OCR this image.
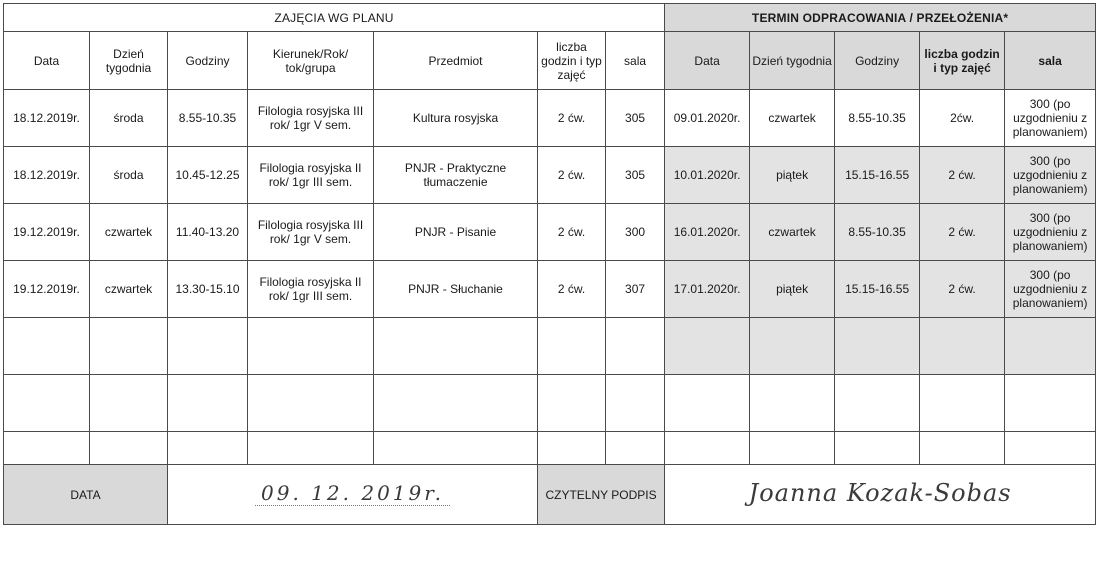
ZAJĘCIA WG PLANU							TERMIN ODPRACOWANIA / PRZEŁOŻENIA*				
Data	Dzień tygodnia	Godziny	Kierunek/Rok/ tok/grupa	Przedmiot	liczba godzin i typ zajęć	sala	Data	Dzień tygodnia	Godziny	liczba godzin i typ zajęć	sala
18.12.2019r.	środa	8.55-10.35	Filologia rosyjska III rok/ 1gr V sem.	Kultura rosyjska	2 ćw.	305	09.01.2020r.	czwartek	8.55-10.35	2ćw.	300 (po uzgodnieniu z planowaniem)
18.12.2019r.	środa	10.45-12.25	Filologia rosyjska II rok/ 1gr III sem.	PNJR - Praktyczne tłumaczenie	2 ćw.	305	10.01.2020r.	piątek	15.15-16.55	2 ćw.	300 (po uzgodnieniu z planowaniem)
19.12.2019r.	czwartek	11.40-13.20	Filologia rosyjska III rok/ 1gr V sem.	PNJR - Pisanie	2 ćw.	300	16.01.2020r.	czwartek	8.55-10.35	2 ćw.	300 (po uzgodnieniu z planowaniem)
19.12.2019r.	czwartek	13.30-15.10	Filologia rosyjska II rok/ 1gr III sem.	PNJR - Słuchanie	2 ćw.	307	17.01.2020r.	piątek	15.15-16.55	2 ćw.	300 (po uzgodnieniu z planowaniem)

DATA		09. 12. 2019r.			CZYTELNY PODPIS		Joanna Kozak-Sobas				
